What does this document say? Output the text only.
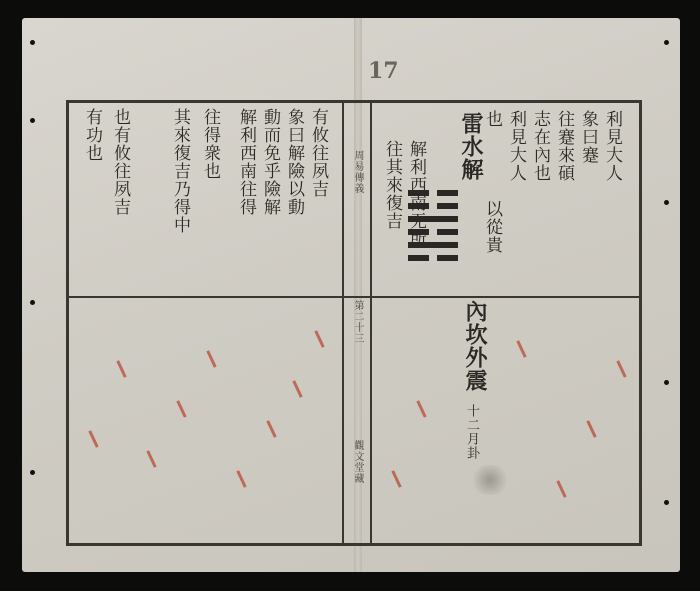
17
周易傳義
第二十三
觀文堂藏
雷水解	利見大人
象曰蹇
往蹇來碩
志在內也
利見大人
以從貴
也
解利西南无所
往其來復吉
內坎外震
十二月卦
有攸往夙吉
象曰解險以動
動而免乎險解
解利西南往得
往得衆也
其來復吉乃得中
也有攸往夙吉
有功也
